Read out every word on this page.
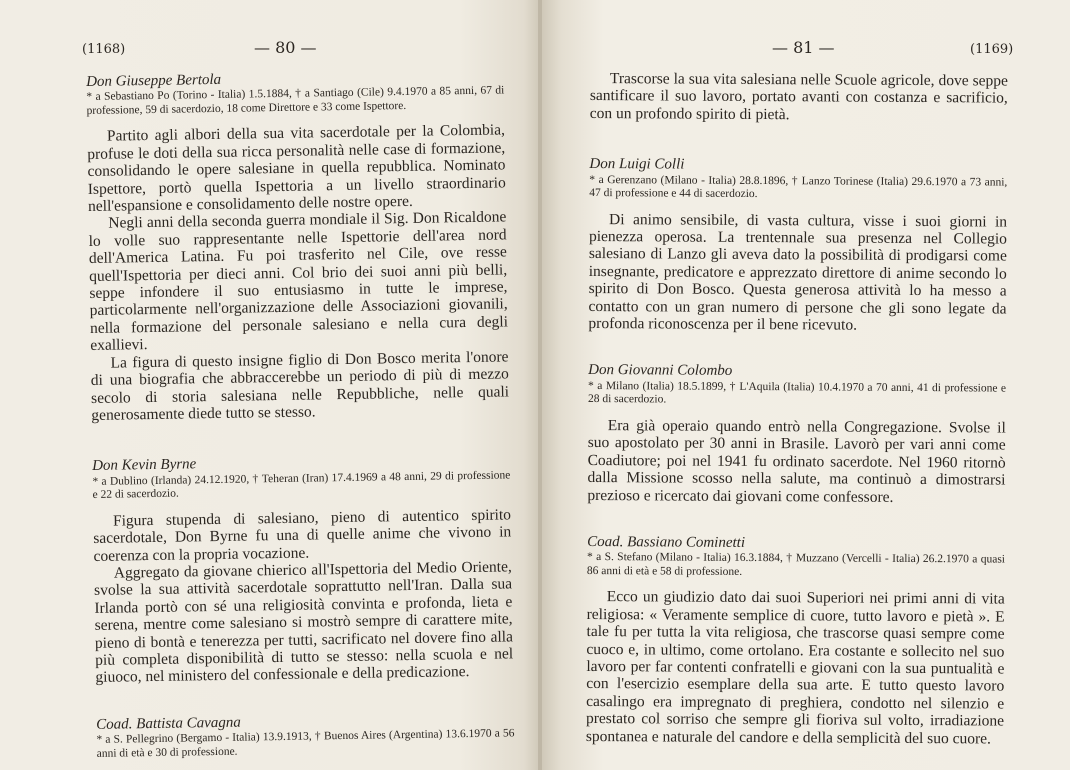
(1168)	— 80 —

Don Giuseppe Bertola

* a Sebastiano Po (Torino - Italia) 1.5.1884, † a Santiago (Cile) 9.4.1970 a 85 anni, 67 di professione, 59 di sacerdozio, 18 come Direttore e 33 come Ispettore.

Partito agli albori della sua vita sacerdotale per la Colombia, profuse le doti della sua ricca personalità nelle case di formazione, consolidando le opere salesiane in quella repubblica. Nominato Ispettore, portò quella Ispettoria a un livello straordinario nell'espansione e consolidamento delle nostre opere.

Negli anni della seconda guerra mondiale il Sig. Don Ricaldone lo volle suo rappresentante nelle Ispettorie dell'area nord dell'America Latina. Fu poi trasferito nel Cile, ove resse quell'Ispettoria per dieci anni. Col brio dei suoi anni più belli, seppe infondere il suo entusiasmo in tutte le imprese, particolarmente nell'organizzazione delle Associazioni giovanili, nella formazione del personale salesiano e nella cura degli exallievi.

La figura di questo insigne figlio di Don Bosco merita l'onore di una biografia che abbraccerebbe un periodo di più di mezzo secolo di storia salesiana nelle Repubbliche, nelle quali generosamente diede tutto se stesso.

Don Kevin Byrne

* a Dublino (Irlanda) 24.12.1920, † Teheran (Iran) 17.4.1969 a 48 anni, 29 di professione e 22 di sacerdozio.

Figura stupenda di salesiano, pieno di autentico spirito sacerdotale, Don Byrne fu una di quelle anime che vivono in coerenza con la propria vocazione.

Aggregato da giovane chierico all'Ispettoria del Medio Oriente, svolse la sua attività sacerdotale soprattutto nell'Iran. Dalla sua Irlanda portò con sé una religiosità convinta e profonda, lieta e serena, mentre come salesiano si mostrò sempre di carattere mite, pieno di bontà e tenerezza per tutti, sacrificato nel dovere fino alla più completa disponibilità di tutto se stesso: nella scuola e nel giuoco, nel ministero del confessionale e della predicazione.

Coad. Battista Cavagna

* a S. Pellegrino (Bergamo - Italia) 13.9.1913, † Buenos Aires (Argentina) 13.6.1970 a 56 anni di età e 30 di professione.

— 81 —	(1169)

Trascorse la sua vita salesiana nelle Scuole agricole, dove seppe santificare il suo lavoro, portato avanti con costanza e sacrificio, con un profondo spirito di pietà.

Don Luigi Colli

* a Gerenzano (Milano - Italia) 28.8.1896, † Lanzo Torinese (Italia) 29.6.1970 a 73 anni, 47 di professione e 44 di sacerdozio.

Di animo sensibile, di vasta cultura, visse i suoi giorni in pienezza operosa. La trentennale sua presenza nel Collegio salesiano di Lanzo gli aveva dato la possibilità di prodigarsi come insegnante, predicatore e apprezzato direttore di anime secondo lo spirito di Don Bosco. Questa generosa attività lo ha messo a contatto con un gran numero di persone che gli sono legate da profonda riconoscenza per il bene ricevuto.

Don Giovanni Colombo

* a Milano (Italia) 18.5.1899, † L'Aquila (Italia) 10.4.1970 a 70 anni, 41 di professione e 28 di sacerdozio.

Era già operaio quando entrò nella Congregazione. Svolse il suo apostolato per 30 anni in Brasile. Lavorò per vari anni come Coadiutore; poi nel 1941 fu ordinato sacerdote. Nel 1960 ritornò dalla Missione scosso nella salute, ma continuò a dimostrarsi prezioso e ricercato dai giovani come confessore.

Coad. Bassiano Cominetti

* a S. Stefano (Milano - Italia) 16.3.1884, † Muzzano (Vercelli - Italia) 26.2.1970 a quasi 86 anni di età e 58 di professione.

Ecco un giudizio dato dai suoi Superiori nei primi anni di vita religiosa: « Veramente semplice di cuore, tutto lavoro e pietà ». E tale fu per tutta la vita religiosa, che trascorse quasi sempre come cuoco e, in ultimo, come ortolano. Era costante e sollecito nel suo lavoro per far contenti confratelli e giovani con la sua puntualità e con l'esercizio esemplare della sua arte. E tutto questo lavoro casalingo era impregnato di preghiera, condotto nel silenzio e prestato col sorriso che sempre gli fioriva sul volto, irradiazione spontanea e naturale del candore e della semplicità del suo cuore.
